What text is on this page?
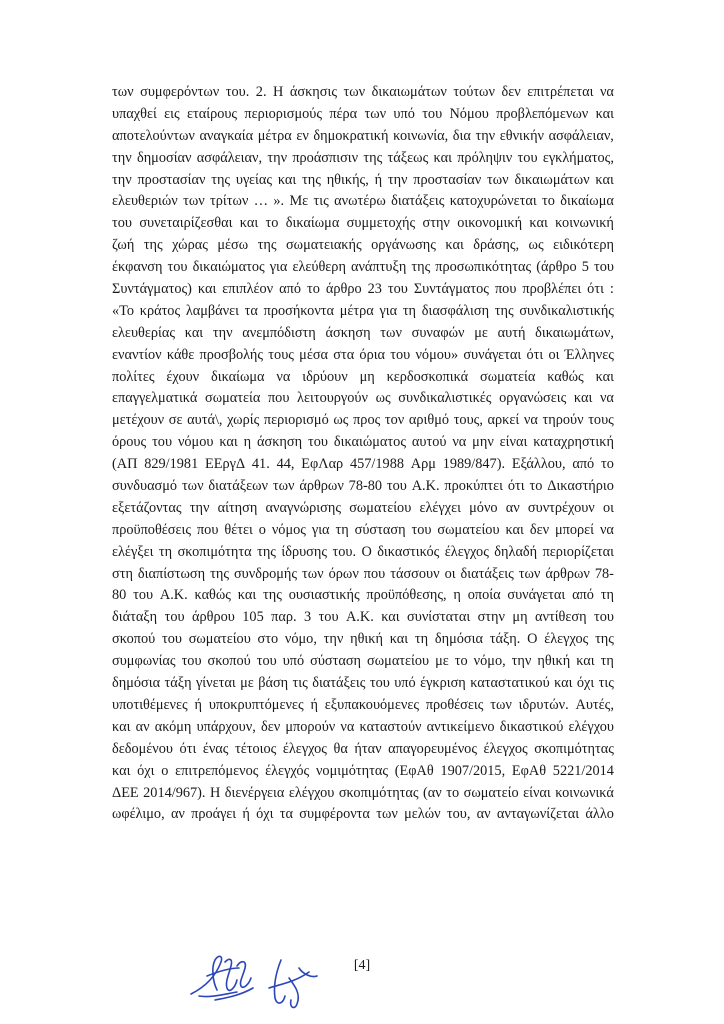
των συμφερόντων του. 2. Η άσκησις των δικαιωμάτων τούτων δεν επιτρέπεται να
υπαχθεί εις εταίρους περιορισμούς πέρα των υπό του Νόμου προβλεπόμενων και
αποτελούντων αναγκαία μέτρα εν δημοκρατική κοινωνία, δια την εθνικήν ασφάλειαν,
την δημοσίαν ασφάλειαν, την προάσπισιν της τάξεως και πρόληψιν του εγκλήματος,
την προστασίαν της υγείας και της ηθικής, ή την προστασίαν των δικαιωμάτων και
ελευθεριών των τρίτων … ». Με τις ανωτέρω διατάξεις κατοχυρώνεται το δικαίωμα
του συνεταιρίζεσθαι και το δικαίωμα συμμετοχής στην οικονομική και κοινωνική
ζωή της χώρας μέσω της σωματειακής οργάνωσης και δράσης, ως ειδικότερη
έκφανση του δικαιώματος για ελεύθερη ανάπτυξη της προσωπικότητας (άρθρο 5 του
Συντάγματος) και επιπλέον από το άρθρο 23 του Συντάγματος που προβλέπει ότι :
«Το κράτος λαμβάνει τα προσήκοντα μέτρα για τη διασφάλιση της συνδικαλιστικής
ελευθερίας και την ανεμπόδιστη άσκηση των συναφών με αυτή δικαιωμάτων,
εναντίον κάθε προσβολής τους μέσα στα όρια του νόμου» συνάγεται ότι οι Έλληνες
πολίτες έχουν δικαίωμα να ιδρύουν μη κερδοσκοπικά σωματεία καθώς και
επαγγελματικά σωματεία που λειτουργούν ως συνδικαλιστικές οργανώσεις και να
μετέχουν σε αυτά\, χωρίς περιορισμό ως προς τον αριθμό τους, αρκεί να τηρούν τους
όρους του νόμου και η άσκηση του δικαιώματος αυτού να μην είναι καταχρηστική
(ΑΠ 829/1981 ΕΕργΔ 41. 44, ΕφΛαρ 457/1988 Αρμ 1989/847). Εξάλλου, από το
συνδυασμό των διατάξεων των άρθρων 78-80 του Α.Κ. προκύπτει ότι το Δικαστήριο
εξετάζοντας την αίτηση αναγνώρισης σωματείου ελέγχει μόνο αν συντρέχουν οι
προϋποθέσεις που θέτει ο νόμος για τη σύσταση του σωματείου και δεν μπορεί να
ελέγξει τη σκοπιμότητα της ίδρυσης του. Ο δικαστικός έλεγχος δηλαδή περιορίζεται
στη διαπίστωση της συνδρομής των όρων που τάσσουν οι διατάξεις των άρθρων 78-
80 του Α.Κ. καθώς και της ουσιαστικής προϋπόθεσης, η οποία συνάγεται από τη
διάταξη του άρθρου 105 παρ. 3 του Α.Κ. και συνίσταται στην μη αντίθεση του
σκοπού του σωματείου στο νόμο, την ηθική και τη δημόσια τάξη. Ο έλεγχος της
συμφωνίας του σκοπού του υπό σύσταση σωματείου με το νόμο, την ηθική και τη
δημόσια τάξη γίνεται με βάση τις διατάξεις του υπό έγκριση καταστατικού και όχι τις
υποτιθέμενες ή υποκρυπτόμενες ή εξυπακουόμενες προθέσεις των ιδρυτών. Αυτές,
και αν ακόμη υπάρχουν, δεν μπορούν να καταστούν αντικείμενο δικαστικού ελέγχου
δεδομένου ότι ένας τέτοιος έλεγχος θα ήταν απαγορευμένος έλεγχος σκοπιμότητας
και όχι ο επιτρεπόμενος έλεγχός νομιμότητας (ΕφΑθ 1907/2015, ΕφΑθ 5221/2014
ΔΕΕ 2014/967). Η διενέργεια ελέγχου σκοπιμότητας (αν το σωματείο είναι κοινωνικά
ωφέλιμο, αν προάγει ή όχι τα συμφέροντα των μελών του, αν ανταγωνίζεται άλλο
[4]
